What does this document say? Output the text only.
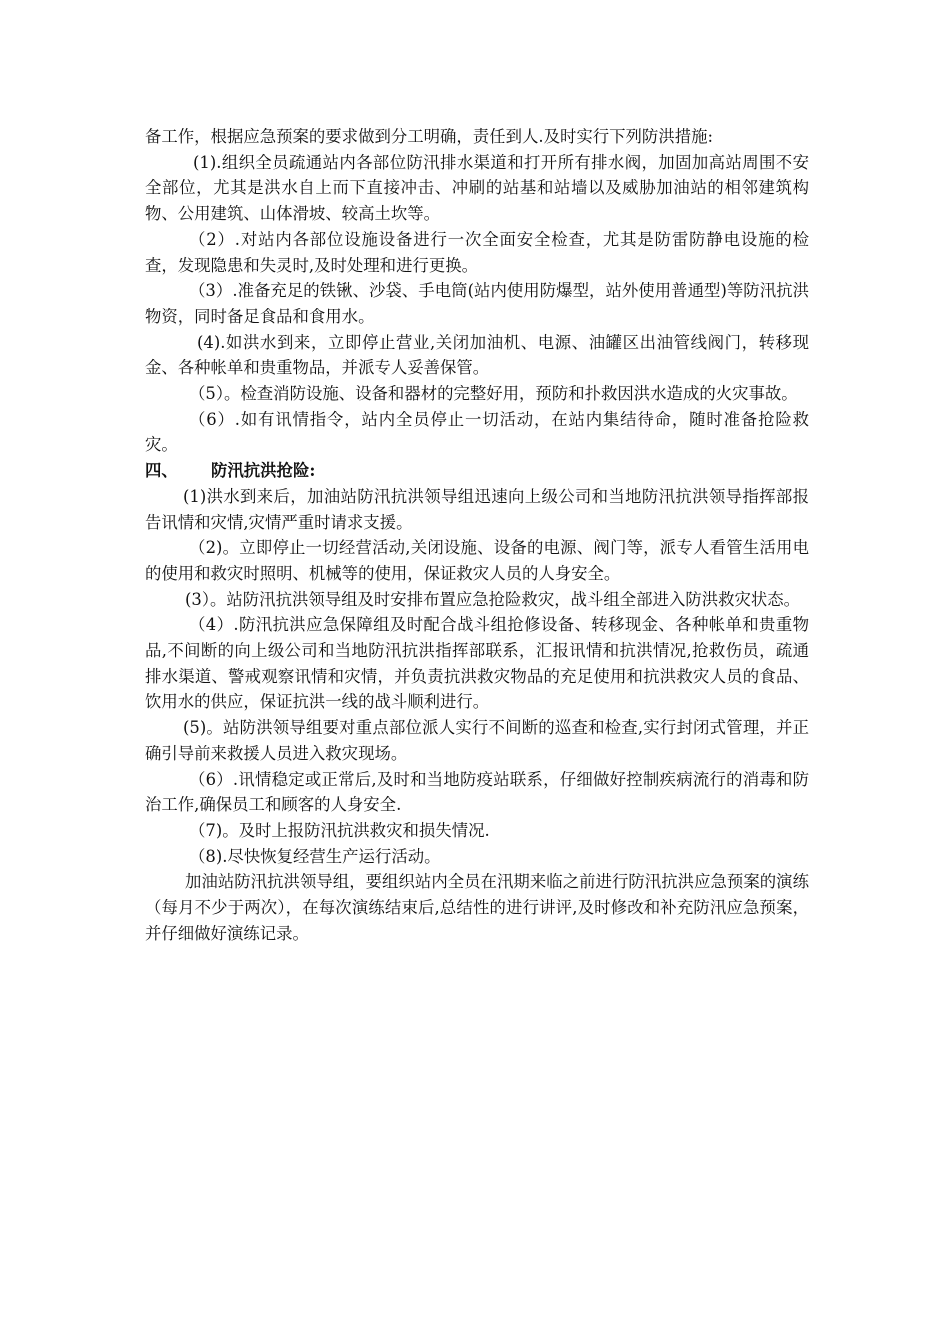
备工作，根据应急预案的要求做到分工明确，责任到人.及时实行下列防洪措施:

(1).组织全员疏通站内各部位防汛排水渠道和打开所有排水阀，加固加高站周围不安全部位，尤其是洪水自上而下直接冲击、冲刷的站基和站墙以及威胁加油站的相邻建筑构物、公用建筑、山体滑坡、较高土坎等。

（2）.对站内各部位设施设备进行一次全面安全检查，尤其是防雷防静电设施的检查，发现隐患和失灵时,及时处理和进行更换。

（3）.准备充足的铁锹、沙袋、手电筒(站内使用防爆型，站外使用普通型)等防汛抗洪物资，同时备足食品和食用水。

(4).如洪水到来，立即停止营业,关闭加油机、电源、油罐区出油管线阀门，转移现金、各种帐单和贵重物品，并派专人妥善保管。

（5）。检查消防设施、设备和器材的完整好用，预防和扑救因洪水造成的火灾事故。

（6）.如有讯情指令，站内全员停止一切活动，在站内集结待命，随时准备抢险救灾。

四、 防汛抗洪抢险:

(1)洪水到来后，加油站防汛抗洪领导组迅速向上级公司和当地防汛抗洪领导指挥部报告讯情和灾情,灾情严重时请求支援。

（2)。立即停止一切经营活动,关闭设施、设备的电源、阀门等，派专人看管生活用电的使用和救灾时照明、机械等的使用，保证救灾人员的人身安全。

(3）。站防汛抗洪领导组及时安排布置应急抢险救灾，战斗组全部进入防洪救灾状态。

（4）.防汛抗洪应急保障组及时配合战斗组抢修设备、转移现金、各种帐单和贵重物品,不间断的向上级公司和当地防汛抗洪指挥部联系，汇报讯情和抗洪情况,抢救伤员，疏通排水渠道、警戒观察讯情和灾情，并负责抗洪救灾物品的充足使用和抗洪救灾人员的食品、饮用水的供应，保证抗洪一线的战斗顺利进行。

(5)。站防洪领导组要对重点部位派人实行不间断的巡查和检查,实行封闭式管理，并正确引导前来救援人员进入救灾现场。

（6）.讯情稳定或正常后,及时和当地防疫站联系，仔细做好控制疾病流行的消毒和防治工作,确保员工和顾客的人身安全.

（7)。及时上报防汛抗洪救灾和损失情况.

（8).尽快恢复经营生产运行活动。

加油站防汛抗洪领导组，要组织站内全员在汛期来临之前进行防汛抗洪应急预案的演练（每月不少于两次），在每次演练结束后,总结性的进行讲评,及时修改和补充防汛应急预案，并仔细做好演练记录。
